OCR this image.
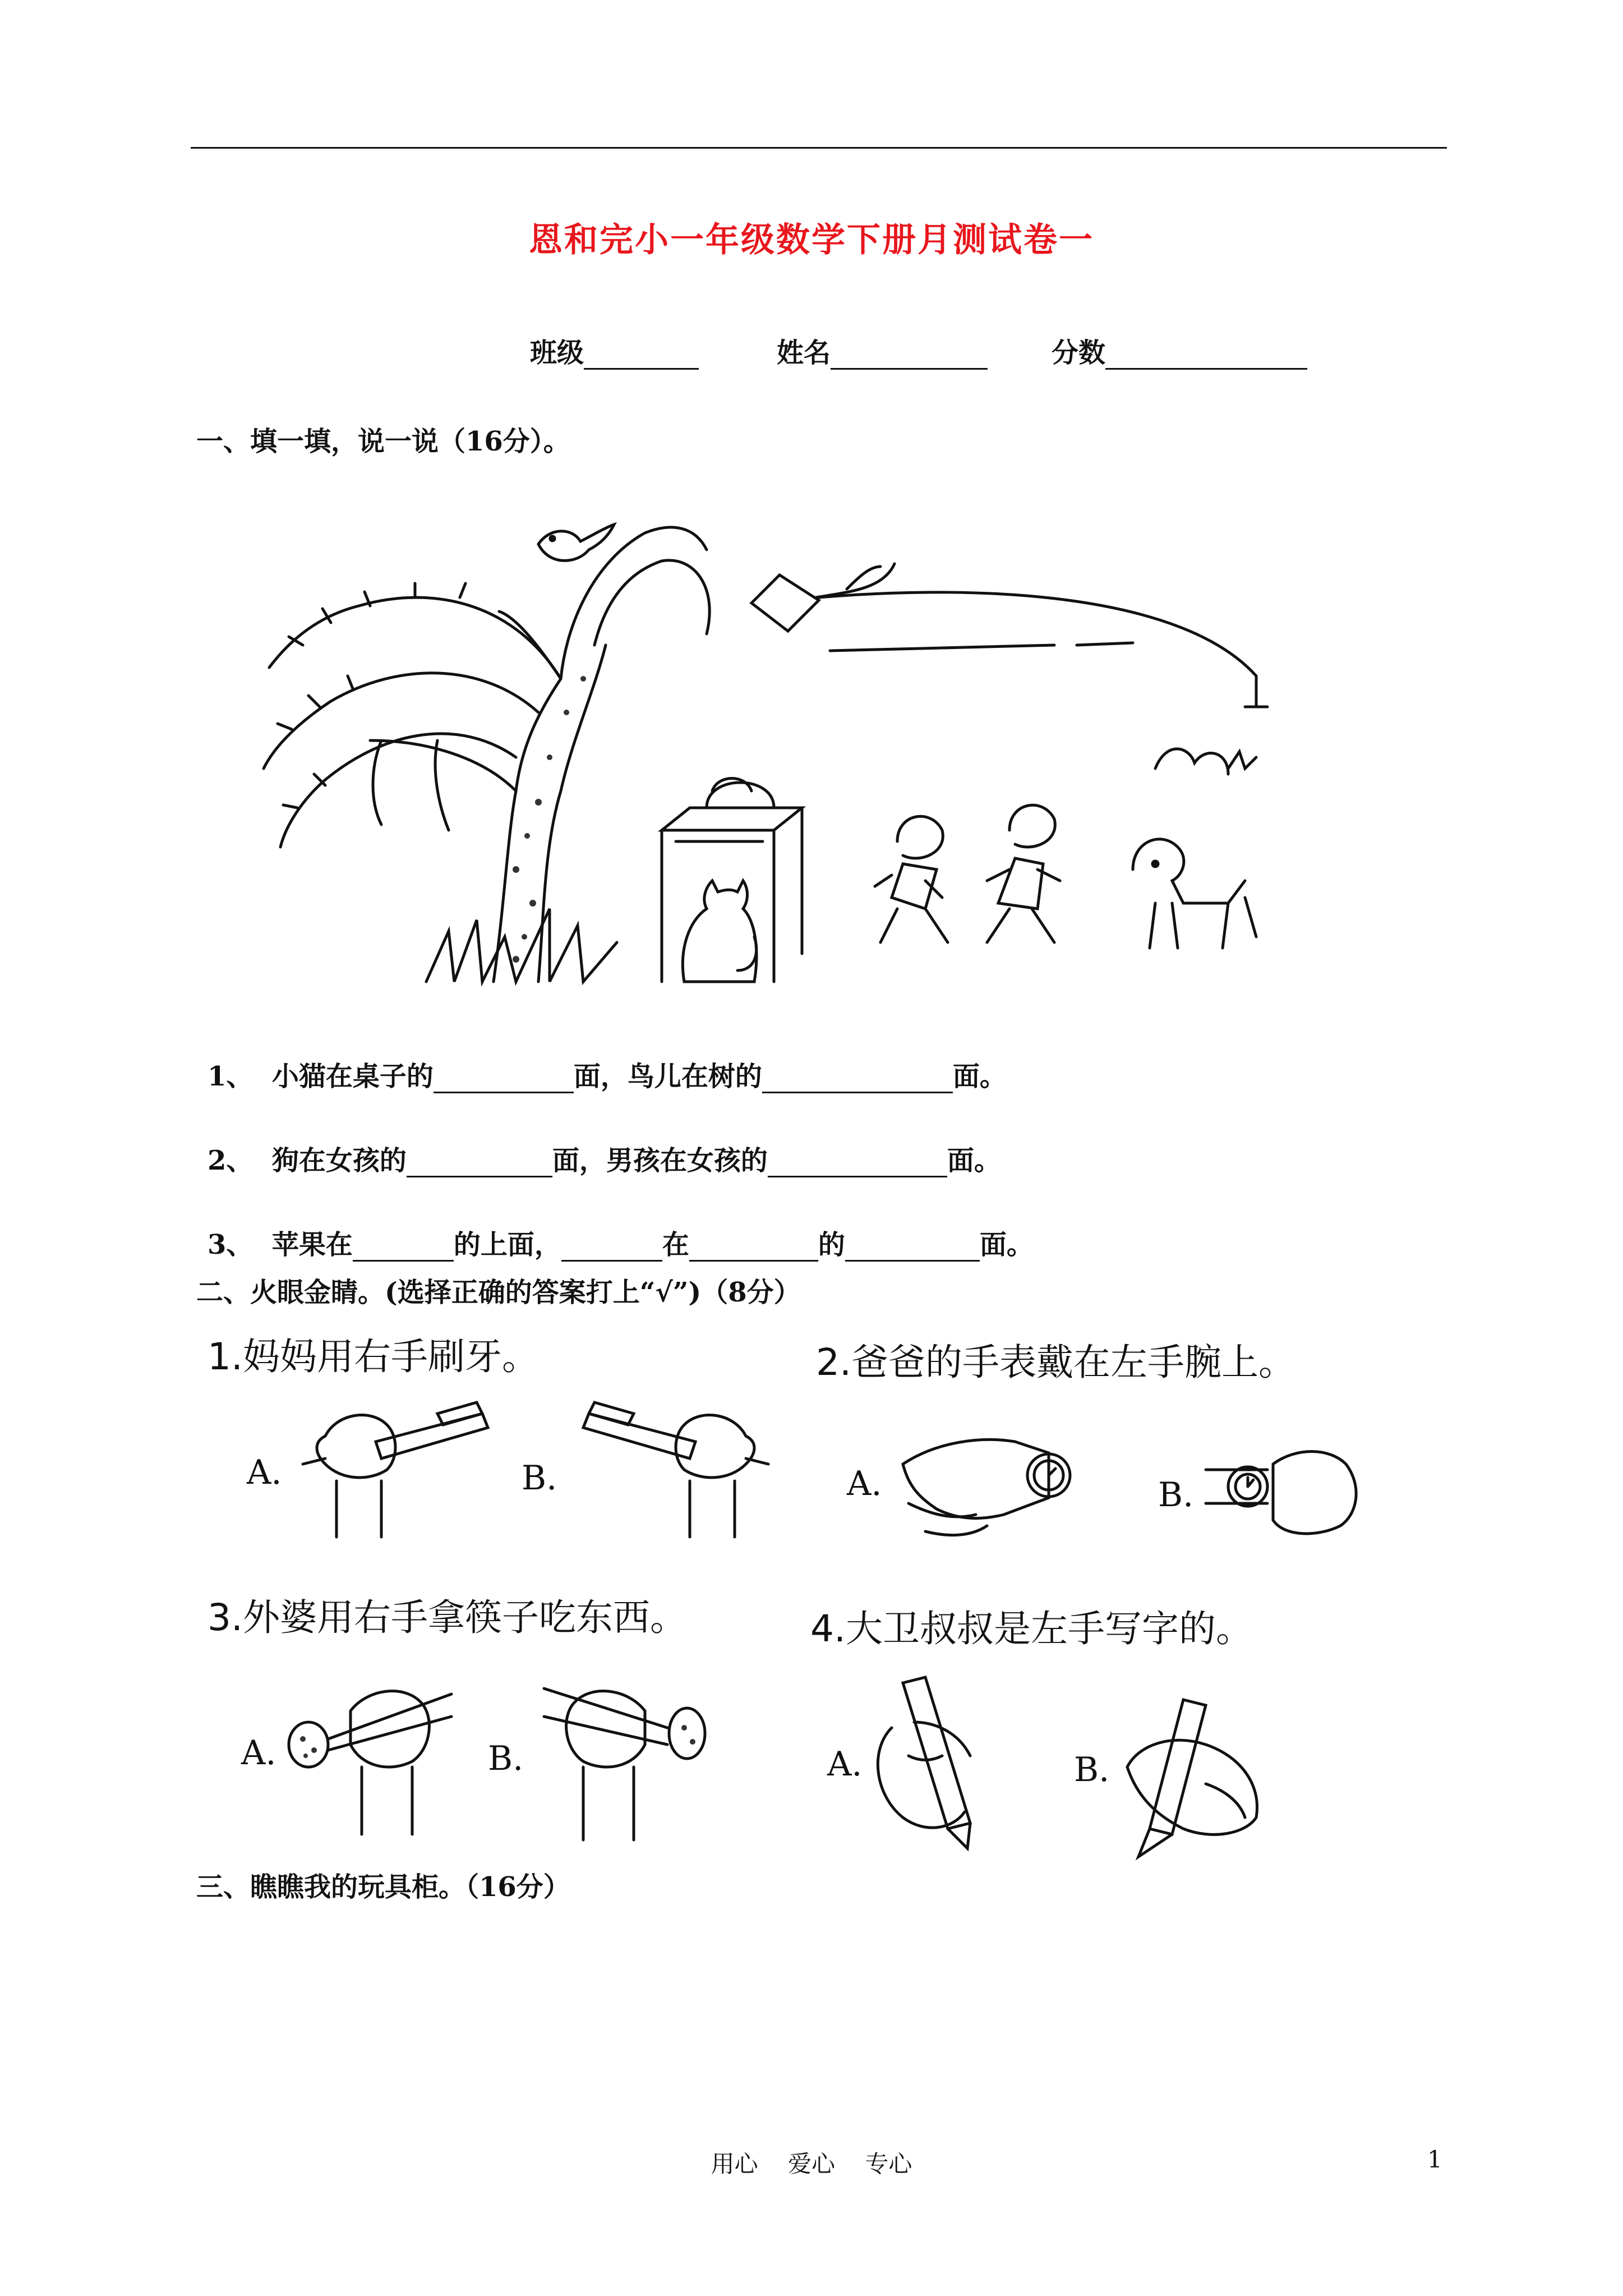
恩和完小一年级数学下册月测试卷一
班级	姓名	分数
一、填一填，说一说（16分）。
1、 小猫在桌子的	面，鸟儿在树的	面。
2、 狗在女孩的	面，男孩在女孩的	面。
3、 苹果在	的上面，	在	的	面。
二、火眼金睛。(选择正确的答案打上“√”)（8分）
1.妈妈用右手刷牙。	2.爸爸的手表戴在左手腕上。
A.	B.	A.	B.
3.外婆用右手拿筷子吃东西。	4.大卫叔叔是左手写字的。
A.	B.	A.	B.
三、瞧瞧我的玩具柜。（16分）
用心 爱心 专心	1
